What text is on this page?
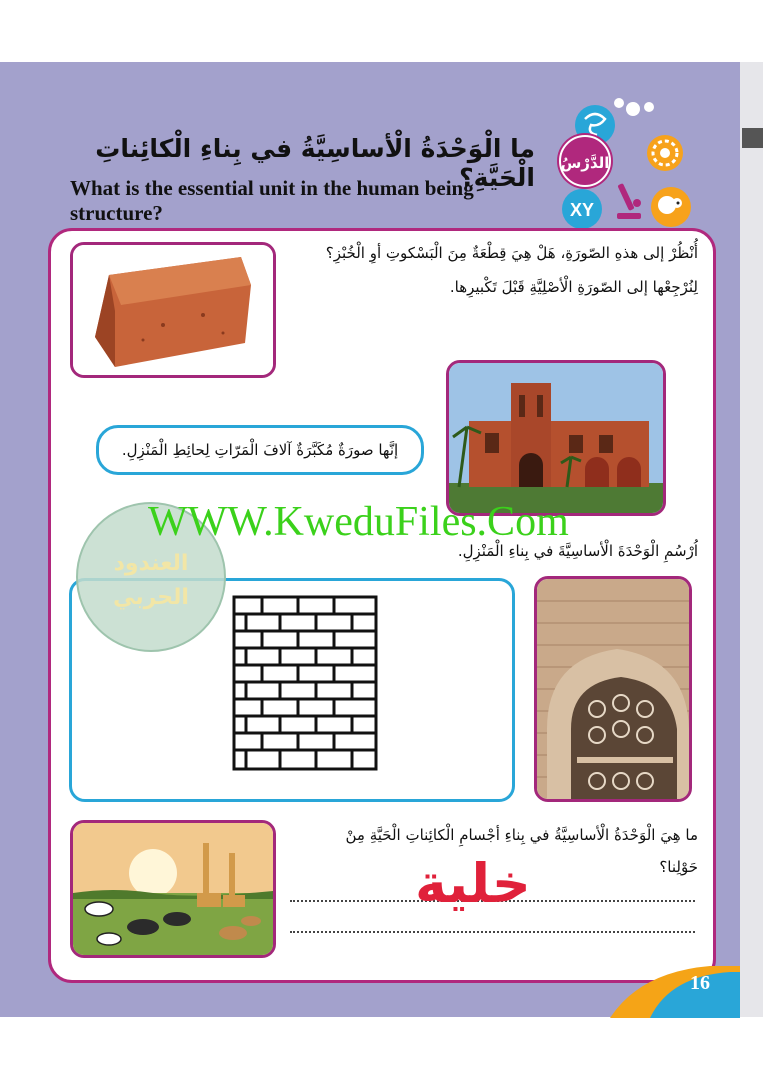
الدَّرْسُ
XY
ما الْوَحْدَةُ الْأساسِيَّةُ في بِناءِ الْكائِناتِ الْحَيَّةِ؟
What is the essential unit in the human being structure?
أُنْظُرْ إلى هذهِ الصّورَةِ، هَلْ هِيَ قِطْعَةٌ مِنَ الْبَسْكوتِ أوِ الْخُبْزِ؟
لِنُرْجِعْها إلى الصّورَةِ الْأصْلِيَّةِ قَبْلَ تَكْبيرِها.
إنَّها صورَةٌ مُكَبَّرَةٌ آلافَ الْمَرّاتِ لِحائِطِ الْمَنْزِلِ.
اُرْسُمِ الْوَحْدَةَ الْأساسِيَّةَ في بِناءِ الْمَنْزِلِ.
ما هِيَ الْوَحْدَةُ الْأساسِيَّةُ في بِناءِ أجْسامِ الْكائِناتِ الْحَيَّةِ مِنْ
حَوْلِنا؟
خلية
العندود
الحربي
WWW.KweduFiles.Com
16
